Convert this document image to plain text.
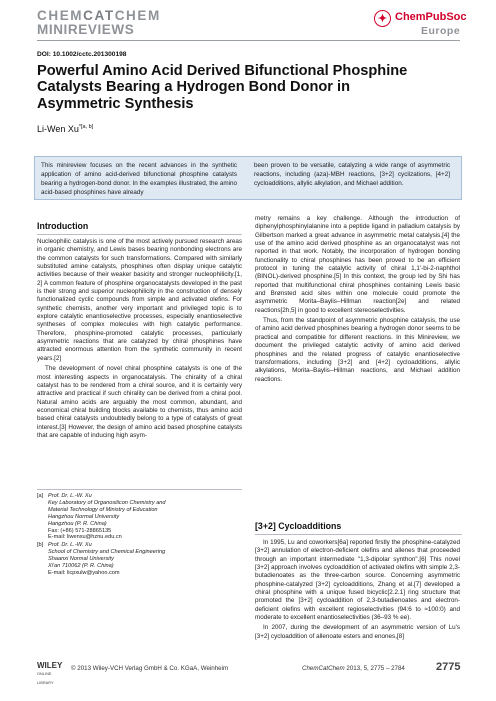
CHEMCATCHEM
MINIREVIEWS
✦ ChemPubSoc
Europe
DOI: 10.1002/cctc.201300198
Powerful Amino Acid Derived Bifunctional Phosphine Catalysts Bearing a Hydrogen Bond Donor in Asymmetric Synthesis
Li-Wen $Xu^{*[a, b]}$
This minireview focuses on the recent advances in the synthetic application of amino acid-derived bifunctional phosphine catalysts bearing a hydrogen-bond donor. In the examples illustrated, the amino acid-based phosphines have already
been proven to be versatile, catalyzing a wide range of asymmetric reactions, including (aza)-MBH reactions, [3+2] cyclizations, [4+2] cycloadditions, allylic alkylation, and Michael addition.
Introduction

Nucleophilic catalysis is one of the most actively pursued research areas in organic chemistry, and Lewis bases bearing nonbonding electrons are the common catalysts for such transformations. Compared with similarly substituted amine catalysts, phosphines often display unique catalytic activities because of their weaker basicity and stronger nucleophilicity.[1, 2] A common feature of phosphine organocatalysts developed in the past is their strong and superior nucleophilicity in the construction of densely functionalized cyclic compounds from simple and activated olefins. For synthetic chemists, another very important and privileged topic is to explore catalytic enantioselective processes, especially enantioselective syntheses of complex molecules with high catalytic performance. Therefore, phosphine-promoted catalytic processes, particularly asymmetric reactions that are catalyzed by chiral phosphines have attracted enormous attention from the synthetic community in recent years.[2]

The development of novel chiral phosphine catalysts is one of the most interesting aspects in organocatalysis. The chirality of a chiral catalyst has to be rendered from a chiral source, and it is certainly very attractive and practical if such chirality can be derived from a chiral pool. Natural amino acids are arguably the most common, abundant, and economical chiral building blocks available to chemists, thus amino acid based chiral catalysts undoubtedly belong to a type of catalysts of great interest.[3] However, the design of amino acid based phosphine catalysts that are capable of inducing high asym-

[a] Prof. Dr. L.-W. Xu
Key Laboratory of Organosilicon Chemistry and
Material Technology of Ministry of Education
Hangzhou Normal University
Hangzhou (P. R. China)
Fax: (+86) 571-28865135
E-mail: liwenxu@hznu.edu.cn
[b] Prof. Dr. L.-W. Xu
School of Chemistry and Chemical Engineering
Shaanxi Normal University
Xi'an 710062 (P. R. China)
E-mail: licpxulw@yahoo.com

metry remains a key challenge. Although the introduction of diphenylphosphinylalanine into a peptide ligand in palladium catalysis by Gilbertson marked a great advance in asymmetric metal catalysis,[4] the use of the amino acid derived phosphine as an organocatalyst was not reported in that work. Notably, the incorporation of hydrogen bonding functionality to chiral phosphines has been proved to be an efficient protocol in tuning the catalytic activity of chiral 1,1'-bi-2-naphthol (BINOL)-derived phosphine.[5] In this context, the group led by Shi has reported that multifunctional chiral phosphines containing Lewis basic and Brønsted acid sites within one molecule could promote the asymmetric Morita–Baylis–Hillman reaction[2e] and related reactions[2h,5] in good to excellent stereoselectivities.

Thus, from the standpoint of asymmetric phosphine catalysis, the use of amino acid derived phosphines bearing a hydrogen donor seems to be practical and compatible for different reactions. In this Minireview, we document the privileged catalytic activity of amino acid derived phosphines and the related progress of catalytic enantioselective transformations, including [3+2] and [4+2] cycloadditions, allylic alkylations, Morita–Baylis–Hillman reactions, and Michael addition reactions.

[3+2] Cycloadditions

In 1995, Lu and coworkers[6a] reported firstly the phosphine-catalyzed [3+2] annulation of electron-deficient olefins and allenes that proceeded through an important intermediate "1,3-dipolar synthon".[6] This novel [3+2] approach involves cycloaddition of activated olefins with simple 2,3-butadienoates as the three-carbon source. Concerning asymmetric phosphine-catalyzed [3+2] cycloadditions, Zhang et al.[7] developed a chiral phosphine with a unique fused bicyclic[2.2.1] ring structure that promoted the [3+2] cycloaddition of 2,3-butadienoates and electron-deficient olefins with excellent regioselectivities (94:6 to ≈100:0) and moderate to excellent enantioselectivities (36–93 % ee).

In 2007, during the development of an asymmetric version of Lu's [3+2] cycloaddition of allenoate esters and enones,[8]

WILEY
ONLINE LIBRARY
© 2013 Wiley-VCH Verlag GmbH & Co. KGaA, Weinheim	ChemCatChem 2013, 5, 2775 – 2784	2775
